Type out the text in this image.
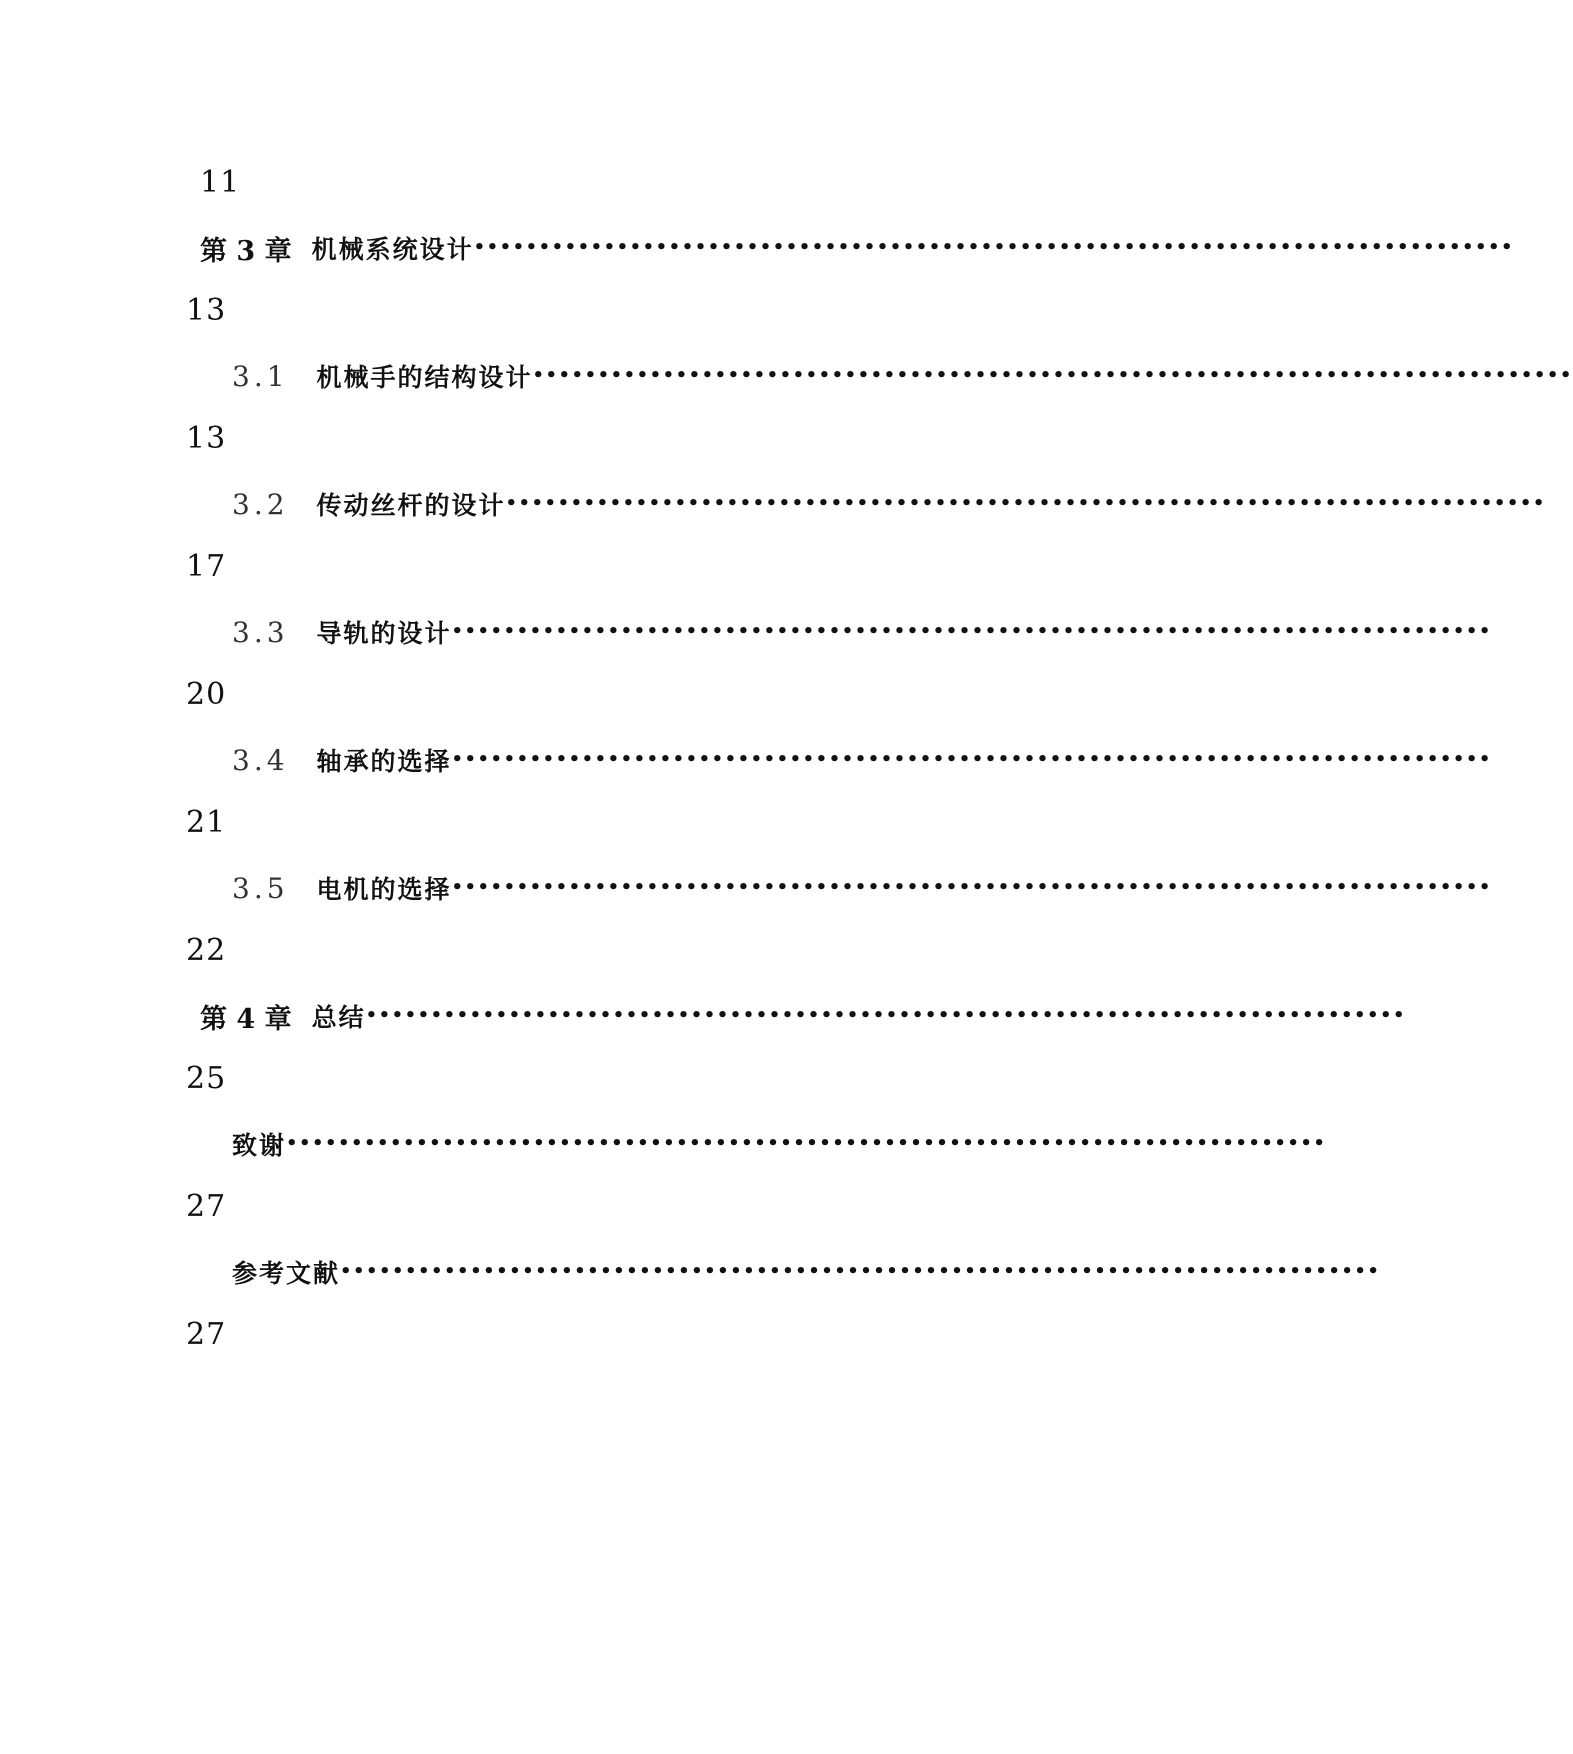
11
第 3 章 机械系统设计 ••••••••••••••••••••••••••••••••••••••••••••••••••••••••••••••••••••••••••••••••
13
3.1 机械手的结构设计 ••••••••••••••••••••••••••••••••••••••••••••••••••••••••••••••••••••••••••••••••
13
3.2 传动丝杆的设计 ••••••••••••••••••••••••••••••••••••••••••••••••••••••••••••••••••••••••••••••••
17
3.3 导轨的设计 ••••••••••••••••••••••••••••••••••••••••••••••••••••••••••••••••••••••••••••••••
20
3.4 轴承的选择 ••••••••••••••••••••••••••••••••••••••••••••••••••••••••••••••••••••••••••••••••
21
3.5 电机的选择 ••••••••••••••••••••••••••••••••••••••••••••••••••••••••••••••••••••••••••••••••
22
第 4 章 总结 ••••••••••••••••••••••••••••••••••••••••••••••••••••••••••••••••••••••••••••••••
25
致谢 ••••••••••••••••••••••••••••••••••••••••••••••••••••••••••••••••••••••••••••••••
27
参考文献 ••••••••••••••••••••••••••••••••••••••••••••••••••••••••••••••••••••••••••••••••
27
